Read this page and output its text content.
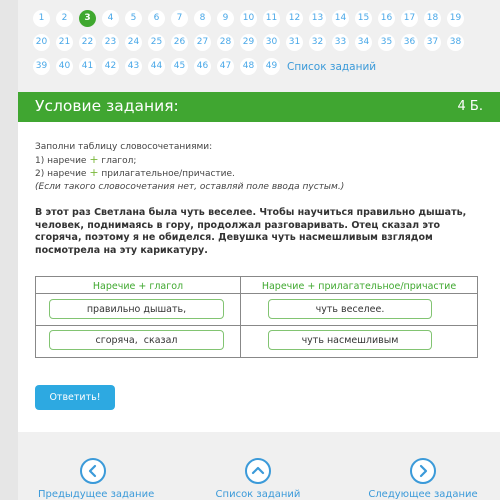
1	2	3	4	5	6	7	8	9	10	11	12	13	14	15	16	17	18	19
20	21	22	23	24	25	26	27	28	29	30	31	32	33	34	35	36	37	38
39	40	41	42	43	44	45	46	47	48	49 Список заданий
Условие задания:	4 Б.
Заполни таблицу словосочетаниями:
1) наречие + глагол;
2) наречие + прилагательное/причастие.
(Если такого словосочетания нет, оставляй поле ввода пустым.)
В этот раз Светлана была чуть веселее. Чтобы научиться правильно дышать, человек, поднимаясь в гору, продолжал разговаривать. Отец сказал это сгоряча, поэтому я не обиделся. Девушка чуть насмешливым взглядом посмотрела на эту карикатуру.
Наречие + глагол	Наречие + прилагательное/причастие
правильно дышать,	чуть веселее.
сгоряча,  сказал	чуть насмешливым
Ответить!
Предыдущее задание	Список заданий	Следующее задание
